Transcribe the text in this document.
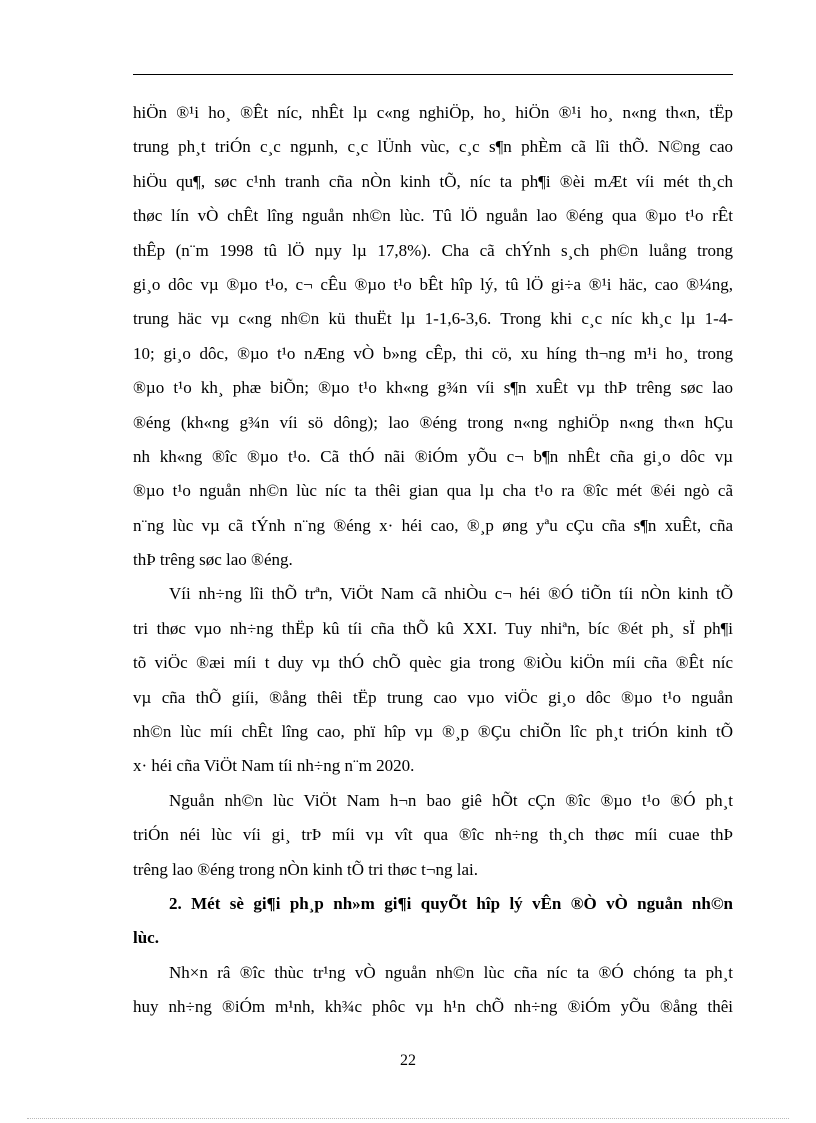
hiÖn ®¹i ho¸ ®Êt níc, nhÊt lµ c«ng nghiÖp, ho¸ hiÖn ®¹i ho¸ n«ng th«n, tËp
trung ph¸t triÓn c¸c ngµnh, c¸c lÜnh vùc, c¸c s¶n phÈm cã lîi thÕ. N©ng cao
hiÖu qu¶, søc c¹nh tranh cña nÒn kinh tÕ, níc ta ph¶i ®èi mÆt víi mét th¸ch
thøc lín vÒ chÊt lîng nguån nh©n lùc. Tû lÖ nguån lao ®éng qua ®µo t¹o rÊt
thÊp (n¨m 1998 tû lÖ nµy lµ 17,8%). Cha cã chÝnh s¸ch ph©n luång trong
gi¸o dôc vµ ®µo t¹o, c¬ cÊu ®µo t¹o bÊt hîp lý, tû lÖ gi÷a ®¹i häc, cao ®¼ng,
trung häc vµ c«ng nh©n kü thuËt lµ 1-1,6-3,6. Trong khi c¸c níc kh¸c lµ 1-4-
10; gi¸o dôc, ®µo t¹o nÆng vÒ b»ng cÊp, thi cö, xu híng th¬ng m¹i ho¸ trong
®µo t¹o kh¸ phæ biÕn; ®µo t¹o kh«ng g¾n víi s¶n xuÊt vµ thÞ trêng søc lao
®éng (kh«ng g¾n víi sö dông); lao ®éng trong n«ng nghiÖp n«ng th«n hÇu
nh kh«ng ®îc ®µo t¹o. Cã thÓ nãi ®iÓm yÕu c¬ b¶n nhÊt cña gi¸o dôc vµ
®µo t¹o nguån nh©n lùc níc ta thêi gian qua lµ cha t¹o ra ®îc mét ®éi ngò cã
n¨ng lùc vµ cã tÝnh n¨ng ®éng x· héi cao, ®¸p øng yªu cÇu cña s¶n xuÊt, cña
thÞ trêng søc lao ®éng.
Víi nh÷ng lîi thÕ trªn, ViÖt Nam cã nhiÒu c¬ héi ®Ó tiÕn tíi nÒn kinh tÕ
tri thøc vµo nh÷ng thËp kû tíi cña thÕ kû XXI. Tuy nhiªn, bíc ®ét ph¸ sÏ ph¶i
tõ viÖc ®æi míi t duy vµ thÓ chÕ quèc gia trong ®iÒu kiÖn míi cña ®Êt níc
vµ cña thÕ giíi, ®ång thêi tËp trung cao vµo viÖc gi¸o dôc ®µo t¹o nguån
nh©n lùc míi chÊt lîng cao, phï hîp vµ ®¸p ®Çu chiÕn lîc ph¸t triÓn kinh tÕ
x· héi cña ViÖt Nam tíi nh÷ng n¨m 2020.
Nguån nh©n lùc ViÖt Nam h¬n bao giê hÕt cÇn ®îc ®µo t¹o ®Ó ph¸t
triÓn néi lùc víi gi¸ trÞ míi vµ vît qua ®îc nh÷ng th¸ch thøc míi cuae thÞ
trêng lao ®éng trong nÒn kinh tÕ tri thøc t¬ng lai.
2. Mét sè gi¶i ph¸p nh»m gi¶i quyÕt hîp lý vÊn ®Ò vÒ nguån nh©n
lùc.
Nh×n râ ®îc thùc tr¹ng vÒ nguån nh©n lùc cña níc ta ®Ó chóng ta ph¸t
huy nh÷ng ®iÓm m¹nh, kh¾c phôc vµ h¹n chÕ nh÷ng ®iÓm yÕu ®ång thêi
22
